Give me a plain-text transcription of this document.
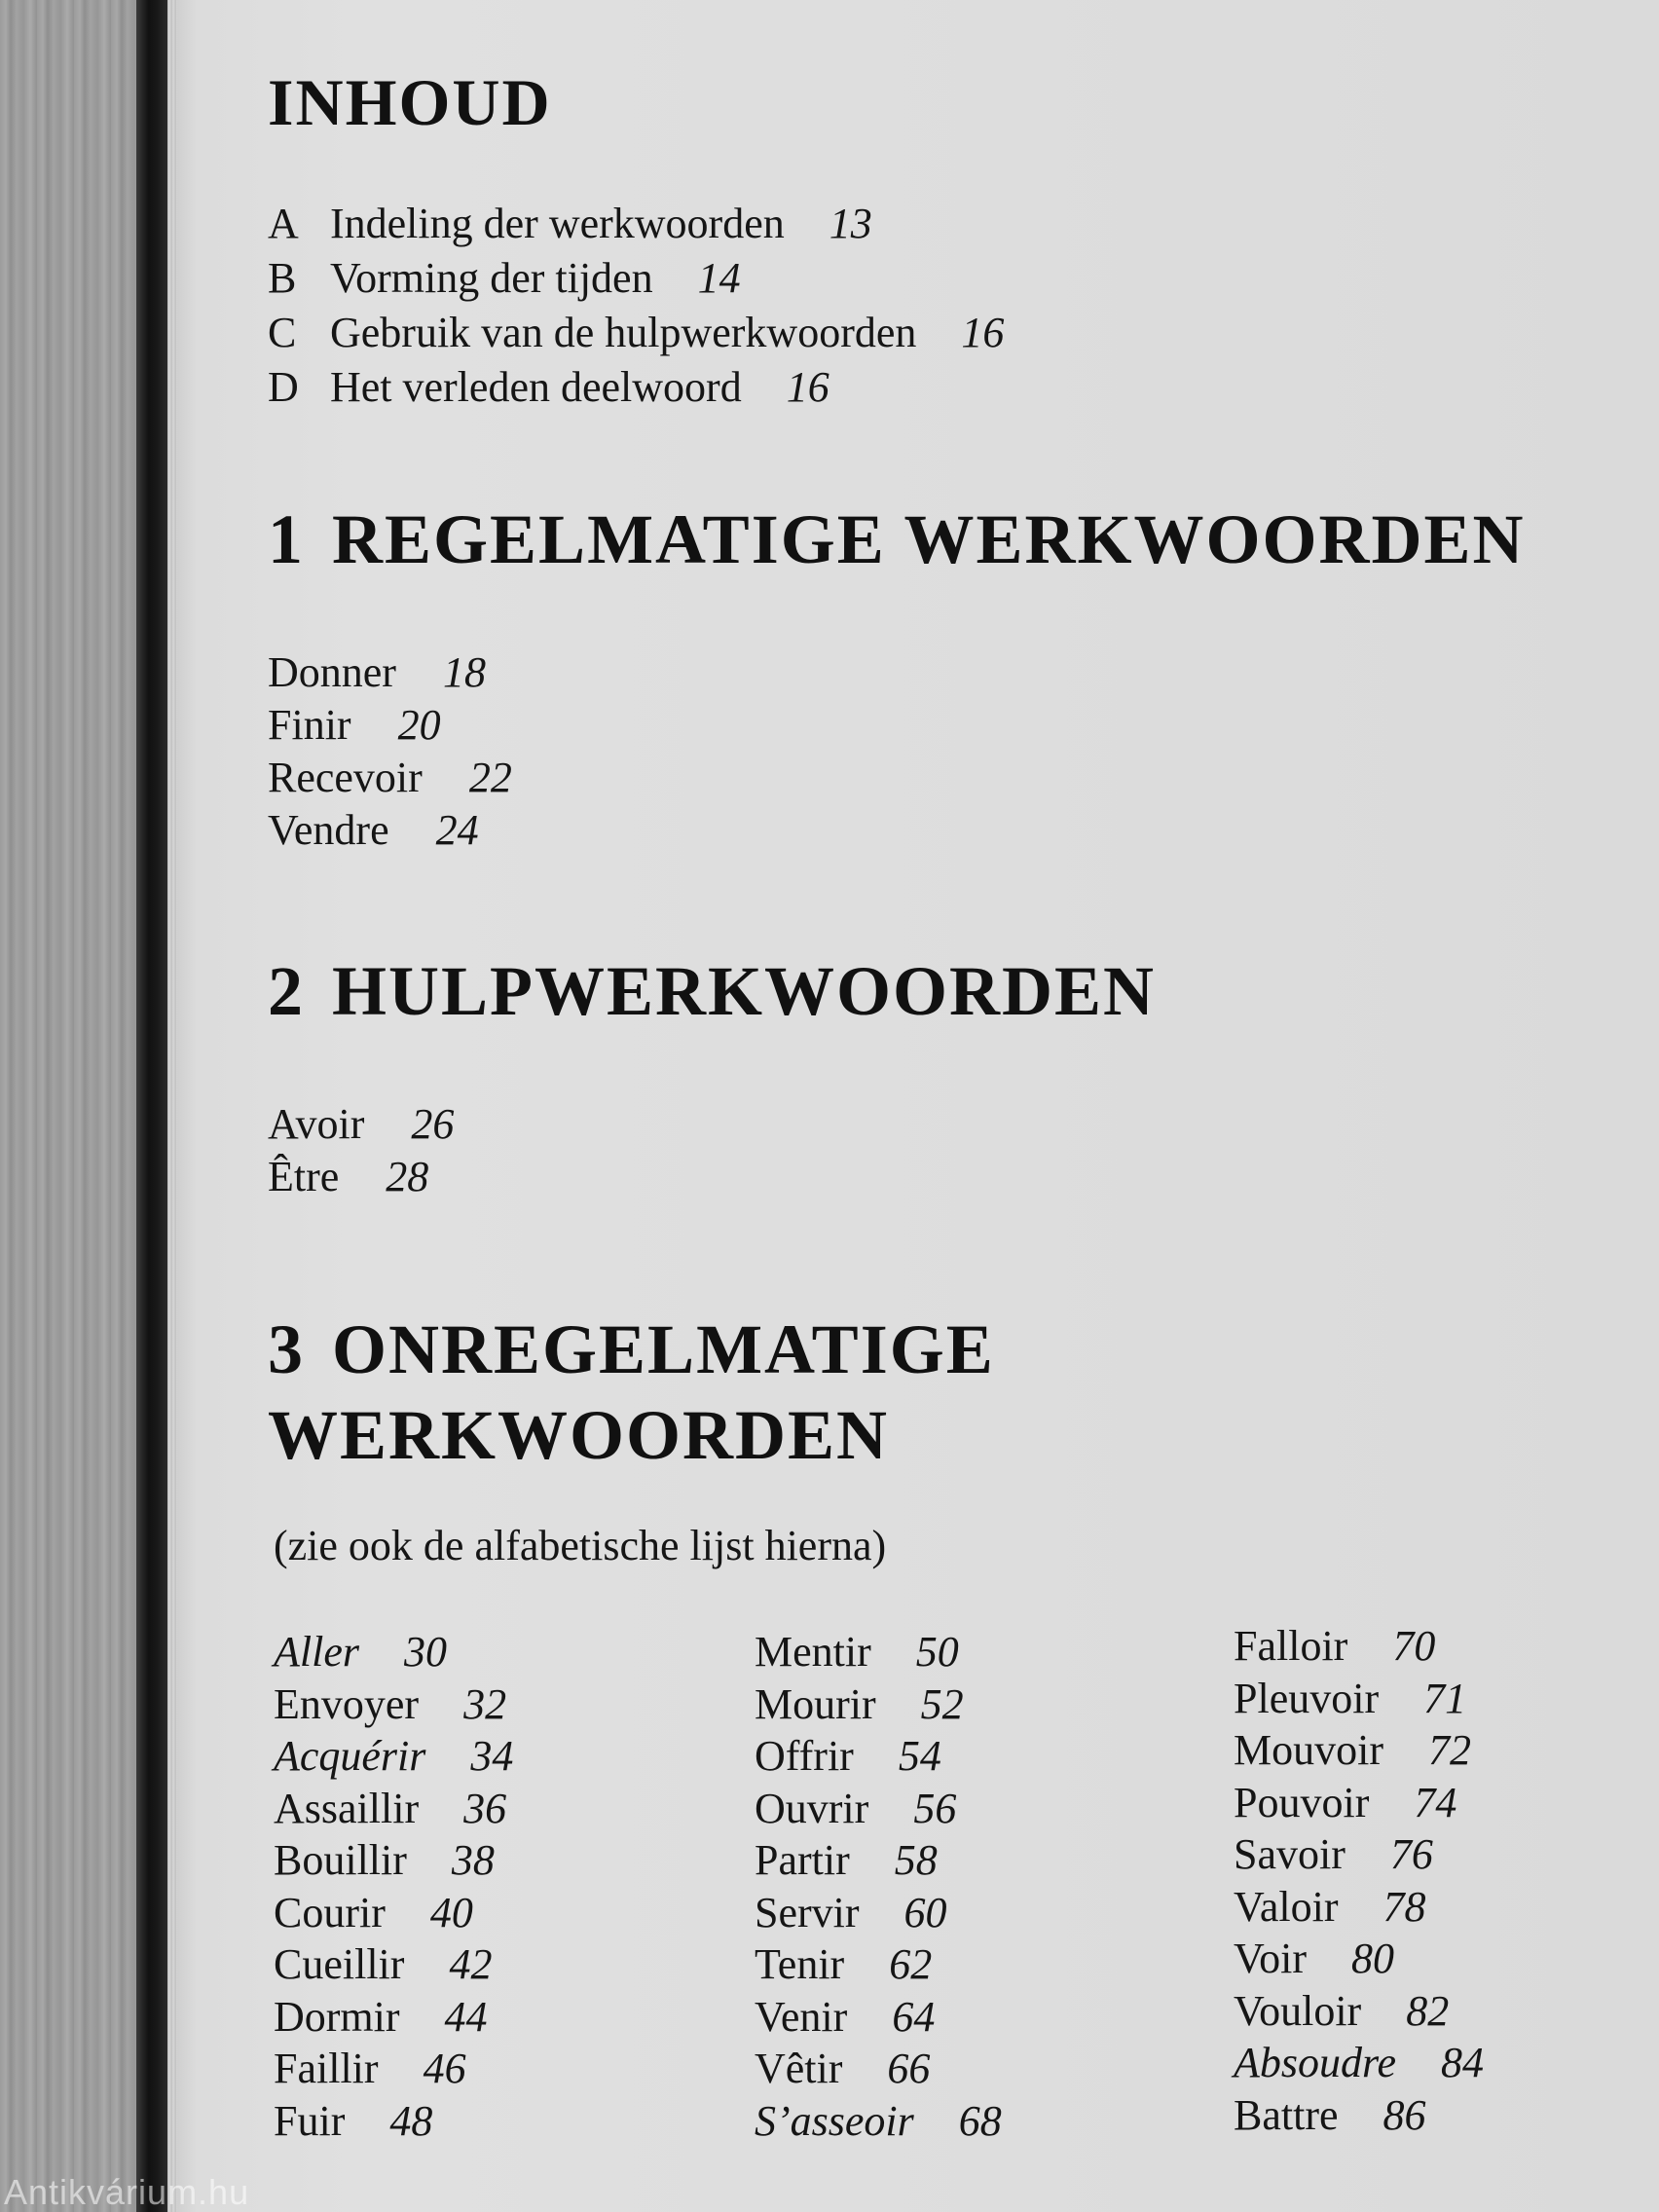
INHOUD
A Indeling der werkwoorden 13
B Vorming der tijden 14
C Gebruik van de hulpwerkwoorden 16
D Het verleden deelwoord 16
1 REGELMATIGE WERKWOORDEN
Donner 18
Finir 20
Recevoir 22
Vendre 24
2 HULPWERKWOORDEN
Avoir 26
Être 28
3 ONREGELMATIGE
WERKWOORDEN
(zie ook de alfabetische lijst hierna)
Aller 30
Envoyer 32
Acquérir 34
Assaillir 36
Bouillir 38
Courir 40
Cueillir 42
Dormir 44
Faillir 46
Fuir 48
Mentir 50
Mourir 52
Offrir 54
Ouvrir 56
Partir 58
Servir 60
Tenir 62
Venir 64
Vêtir 66
S’asseoir 68
Falloir 70
Pleuvoir 71
Mouvoir 72
Pouvoir 74
Savoir 76
Valoir 78
Voir 80
Vouloir 82
Absoudre 84
Battre 86
Antikvárium.hu
